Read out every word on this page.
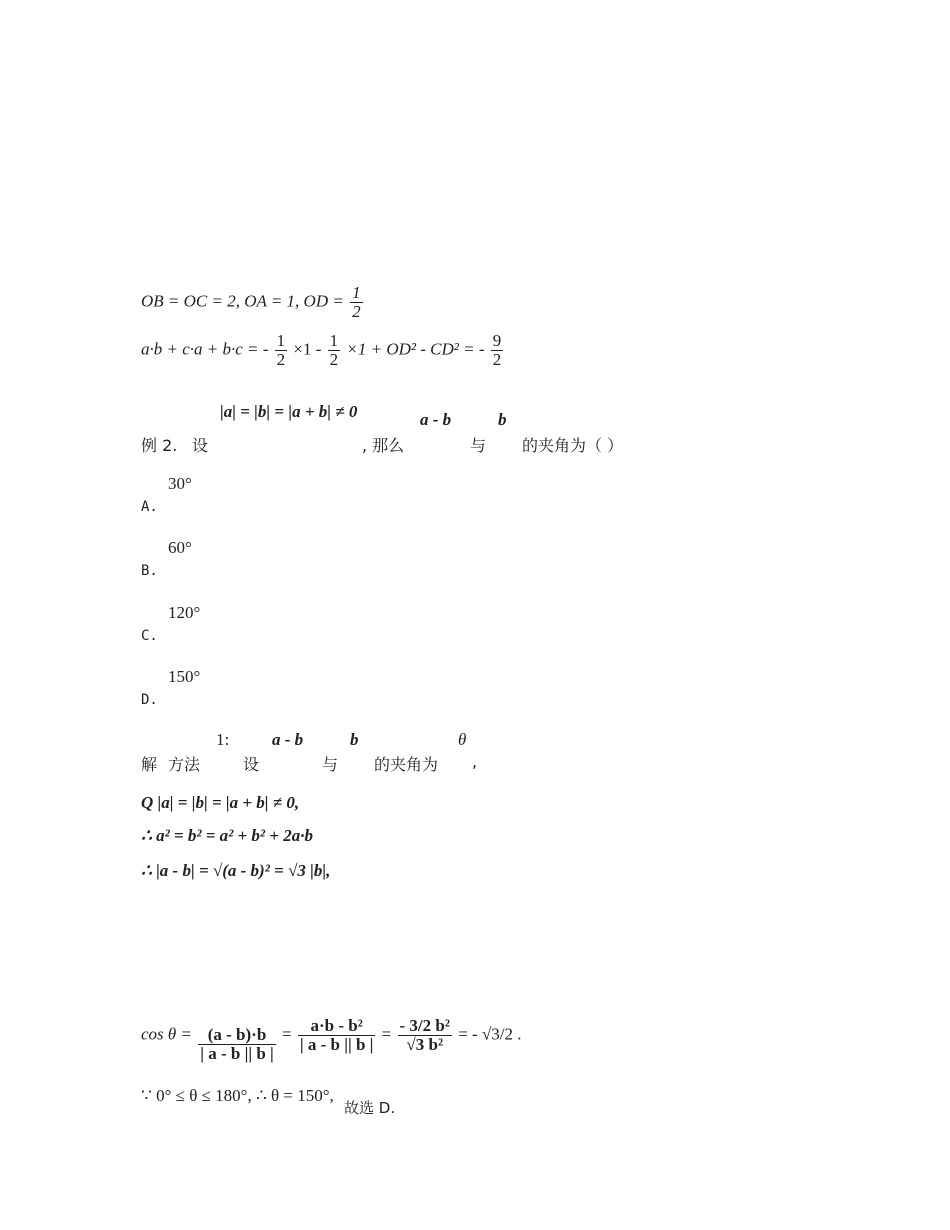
OB = OC = 2, OA = 1, OD = $\frac{1}{2}$
a·b + c·a + b·c = - $\frac{1}{2} \times 1 - \frac{1}{2} \times 1 + OD^2 - CD^2$ = - $\frac{9}{2}$
|a| = |b| = |a + b| ≠ 0	a - b	b
例 2. 设	, 那么	与 的夹角为（ ）
30°
A.
60°
B.
120°
C.
150°
D.
1:	a - b	b	θ
解 方法	设	与 的夹角为 ,
Q |a| = |b| = |a + b| ≠ 0,
∴ a² = b² = a² + b² + 2a·b
∴ |a - b| = √(a - b)² = √3 |b|,
$\cos \theta = \frac{(a - b)\cdot b}{| a - b || b |} = \frac{\text{a·b - b²}}{| a - b || b |} = \frac{\text{- 3/2 b²}}{\text{√3 b²}}$ = - √3/2 .
∵ 0° ≤ θ ≤ 180°, ∴ θ = 150°,
故选 D.
